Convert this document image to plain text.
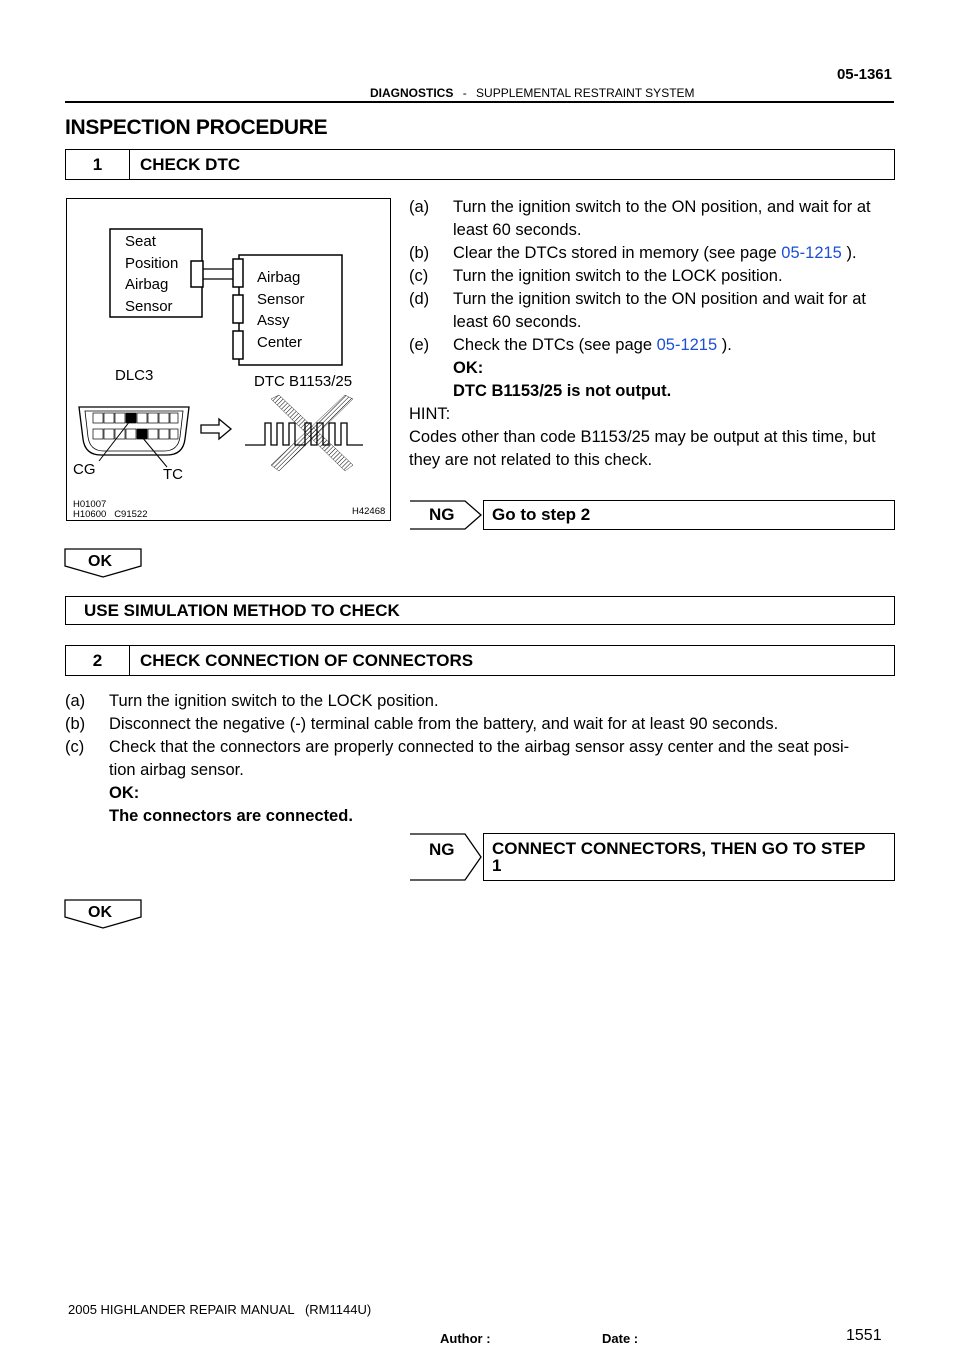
05-1361
DIAGNOSTICS - SUPPLEMENTAL RESTRAINT SYSTEM
INSPECTION PROCEDURE
1	CHECK DTC
Seat
Position
Airbag
Sensor
Airbag
Sensor
Assy
Center
DLC3	DTC B1153/25
CG	TC
H01007
H10600   C91522	H42468
(a) Turn the ignition switch to the ON position, and wait for at
least 60 seconds.
(b) Clear the DTCs stored in memory (see page 05-1215 ).
(c) Turn the ignition switch to the LOCK position.
(d) Turn the ignition switch to the ON position and wait for at
least 60 seconds.
(e) Check the DTCs (see page 05-1215 ).
OK:
DTC B1153/25 is not output.
HINT:
Codes other than code B1153/25 may be output at this time, but
they are not related to this check.
NG	Go to step 2
OK
USE SIMULATION METHOD TO CHECK
2	CHECK CONNECTION OF CONNECTORS
(a) Turn the ignition switch to the LOCK position.
(b) Disconnect the negative (-) terminal cable from the battery, and wait for at least 90 seconds.
(c) Check that the connectors are properly connected to the airbag sensor assy center and the seat posi-
tion airbag sensor.
OK:
The connectors are connected.
NG CONNECT CONNECTORS, THEN GO TO STEP
1
OK
2005 HIGHLANDER REPAIR MANUAL   (RM1144U)
Author :	Date :	1551
